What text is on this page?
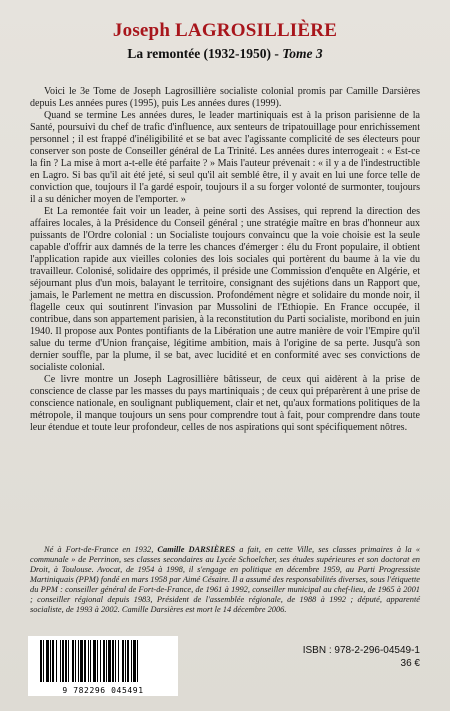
Joseph LAGROSILLIÈRE
La remontée (1932-1950) - Tome 3

Voici le 3e Tome de Joseph Lagrosillière socialiste colonial promis par Camille Darsières depuis Les années pures (1995), puis Les années dures (1999).

Quand se termine Les années dures, le leader martiniquais est à la prison parisienne de la Santé, poursuivi du chef de trafic d'influence, aux senteurs de tripatouillage pour enrichissement personnel ; il est frappé d'inéligibilité et se bat avec l'agissante complicité de ses électeurs pour conserver son poste de Conseiller général de La Trinité. Les années dures interrogeait : « Est-ce la fin ? La mise à mort a-t-elle été parfaite ? » Mais l'auteur prévenait : « il y a de l'indestructible en Lagro. Si bas qu'il ait été jeté, si seul qu'il ait semblé être, il y avait en lui une force telle de conviction que, toujours il l'a gardé espoir, toujours il a su forger volonté de surmonter, toujours il a su dénicher moyen de l'emporter. »

Et La remontée fait voir un leader, à peine sorti des Assises, qui reprend la direction des affaires locales, à la Présidence du Conseil général ; une stratégie maître en bras d'honneur aux puissants de l'Ordre colonial : un Socialiste toujours convaincu que la voie choisie est la seule capable d'offrir aux damnés de la terre les chances d'émerger : élu du Front populaire, il obtient l'application rapide aux vieilles colonies des lois sociales qui portèrent du baume à la vie du travailleur. Colonisé, solidaire des opprimés, il préside une Commission d'enquête en Algérie, et séjournant plus d'un mois, balayant le territoire, consignant des sujétions dans un Rapport que, jamais, le Parlement ne mettra en discussion. Profondément nègre et solidaire du monde noir, il flagelle ceux qui soutinrent l'invasion par Mussolini de l'Ethiopie. En France occupée, il contribue, dans son appartement parisien, à la reconstitution du Parti socialiste, moribond en juin 1940. Il propose aux Pontes pontifiants de la Libération une autre manière de voir l'Empire qu'il salue du terme d'Union française, légitime ambition, mais à l'origine de sa perte. Jusqu'à son dernier souffle, par la plume, il se bat, avec lucidité et en conformité avec ses convictions de socialiste colonial.

Ce livre montre un Joseph Lagrosillière bâtisseur, de ceux qui aidèrent à la prise de conscience de classe par les masses du pays martiniquais ; de ceux qui préparèrent à une prise de conscience nationale, en soulignant publiquement, clair et net, qu'aux formations politiques de la métropole, il manque toujours un sens pour comprendre tout à fait, pour comprendre dans toute leur étendue et toute leur profondeur, celles de nos aspirations qui sont spécifiquement nôtres.

Né à Fort-de-France en 1932, Camille DARSIÈRES a fait, en cette Ville, ses classes primaires à la « communale » de Perrinon, ses classes secondaires au Lycée Schoelcher, ses études supérieures et son doctorat en Droit, à Toulouse. Avocat, de 1954 à 1998, il s'engage en politique en décembre 1959, au Parti Progressiste Martiniquais (PPM) fondé en mars 1958 par Aimé Césaire. Il a assumé des responsabilités diverses, sous l'étiquette du PPM : conseiller général de Fort-de-France, de 1961 à 1992, conseiller municipal au chef-lieu, de 1965 à 2001 ; conseiller régional depuis 1983, Président de l'assemblée régionale, de 1988 à 1992 ; député, apparenté socialiste, de 1993 à 2002. Camille Darsières est mort le 14 décembre 2006.

9 782296 045491
ISBN : 978-2-296-04549-1
36 €
